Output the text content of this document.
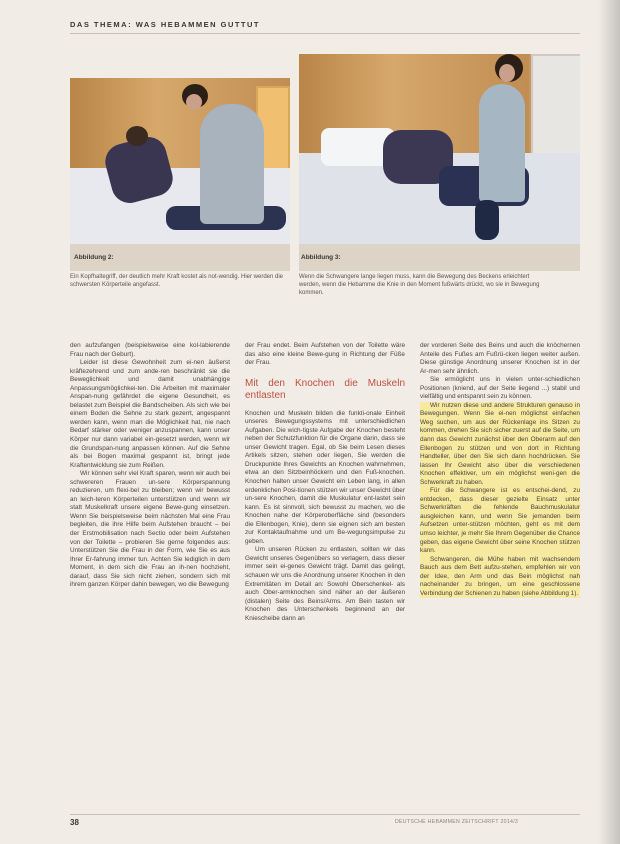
DAS THEMA: WAS HEBAMMEN GUTTUT
Abbildung 2:
Ein Kopfhaltegriff, der deutlich mehr Kraft kostet als not-wendig. Hier werden die schwersten Körperteile angefasst.
Abbildung 3:
Wenn die Schwangere lange liegen muss, kann die Bewegung des Beckens erleichtert werden, wenn die Hebamme die Knie in den Moment fußwärts drückt, wo sie in Bewegung kommen.

den aufzufangen (beispielsweise eine kol-labierende Frau nach der Geburt).

Leider ist diese Gewohnheit zum ei-nen äußerst kräftezehrend und zum ande-ren beschränkt sie die Beweglichkeit und damit unabhängige Anpassungsmöglichkei-ten. Die Arbeiten mit maximaler Anspan-nung gefährdet die eigene Gesundheit, es belastet zum Beispiel die Bandscheiben. Als sich wie bei einem Boden die Sehne zu stark gezerrt, angespannt werden kann, wenn man die Möglichkeit hat, nie nach Bedarf stärker oder weniger anzuspannen, kann unser Körper nur dann variabel ein-gesetzt werden, wenn wir die Grundspan-nung anpassen können. Auf die Sehne als bei Bogen maximal gespannt ist, bringt jede Kraftentwicklung sie zum Reißen.

Wir können sehr viel Kraft sparen, wenn wir auch bei schwereren Frauen un-sere Körperspannung reduzieren, um flexi-bel zu bleiben; wenn wir bewusst an leich-teren Körperteilen unterstützen und wenn wir statt Muskelkraft unsere eigene Bewe-gung einsetzen. Wenn Sie beispielsweise beim nächsten Mal eine Frau begleiten, die ihre Hilfe beim Aufstehen braucht – bei der Erstmobilisation nach Sectio oder beim Aufstehen von der Toilette – probieren Sie gerne folgendes aus: Unterstützen Sie die Frau in der Form, wie Sie es aus Ihrer Er-fahrung immer tun. Achten Sie lediglich in dem Moment, in dem sich die Frau an ih-nen hochzieht, darauf, dass Sie sich nicht ziehen, sondern sich mit ihrem ganzen Körper dahin bewegen, wo die Bewegung

der Frau endet. Beim Aufstehen von der Toilette wäre das also eine kleine Bewe-gung in Richtung der Füße der Frau.

Mit den Knochen die Muskeln entlasten

Knochen und Muskeln bilden die funkti-onale Einheit unseres Bewegungssystems mit unterschiedlichen Aufgaben. Die wich-tigste Aufgabe der Knochen besteht neben der Schutzfunktion für die Organe darin, dass sie unser Gewicht tragen. Egal, ob Sie beim Lesen dieses Artikels sitzen, stehen oder liegen, Sie werden die Druckpunkte Ihres Gewichts an Knochen wahrnehmen, etwa an den Sitzbeinhöckern und den Fuß-knochen. Knochen halten unser Gewicht ein Leben lang, in allen erdenklichen Posi-tionen stützen wir unser Gewicht über un-sere Knochen, damit die Muskulatur ent-lastet sein kann. Es ist sinnvoll, sich bewusst zu machen, wo die Knochen nahe der Körperoberfläche sind (besonders die Ellenbogen, Knie), denn sie eignen sich am besten zur Kontaktaufnahme und um Be-wegungsimpulse zu geben.

Um unseren Rücken zu entlasten, sollten wir das Gewicht unseres Gegenübers so verlagern, dass dieser immer sein ei-genes Gewicht trägt. Damit das gelingt, schauen wir uns die Anordnung unserer Knochen in den Extremitäten im Detail an: Sowohl Oberschenkel- als auch Ober-armknochen sind näher an der äußeren (distalen) Seite des Beins/Arms. Am Bein tasten wir Knochen des Unterschenkels beginnend an der Kniescheibe dann an

der vorderen Seite des Beins und auch die knöchernen Anteile des Fußes am Fußrü-cken liegen weiter außen. Diese günstige Anordnung unserer Knochen ist in der Ar-men sehr ähnlich.

Sie ermöglicht uns in vielen unter-schiedlichen Positionen (kniend, auf der Seite liegend ...) stabil und vielfältig und entspannt sein zu können.

Wir nutzen diese und andere Strukturen genauso in Bewegungen. Wenn Sie ei-nen möglichst einfachen Weg suchen, um aus der Rückenlage ins Sitzen zu kommen, drehen Sie sich sicher zuerst auf die Seite, um dann das Gewicht zunächst über den Oberarm auf den Ellenbogen zu stützen und von dort in Richtung Handteller, über den Sie sich dann hochdrücken. Sie lassen Ihr Gewicht also über die verschiedenen Knochen effektiver, um ein möglichst weni-gen die Schwerkraft zu haben.

Für die Schwangere ist es entschei-dend, zu entdecken, dass dieser gezielte Einsatz unter Schwerkräften die fehlende Bauchmuskulatur ausgleichen kann, und wenn Sie jemanden beim Aufsetzen unter-stützen möchten, geht es mit dem umso leichter, je mehr Sie Ihrem Gegenüber die Chance geben, das eigene Gewicht über seine Knochen stützen kann.

Schwangeren, die Mühe haben mit wachsendem Bauch aus dem Bett aufzu-stehen, empfehlen wir von der Idee, den Arm und das Bein möglichst nah nacheinander zu bringen, um eine geschlossene Verbindung der Schienen zu haben (siehe Abbildung 1).

38	DEUTSCHE HEBAMMEN ZEITSCHRIFT 2014/3
